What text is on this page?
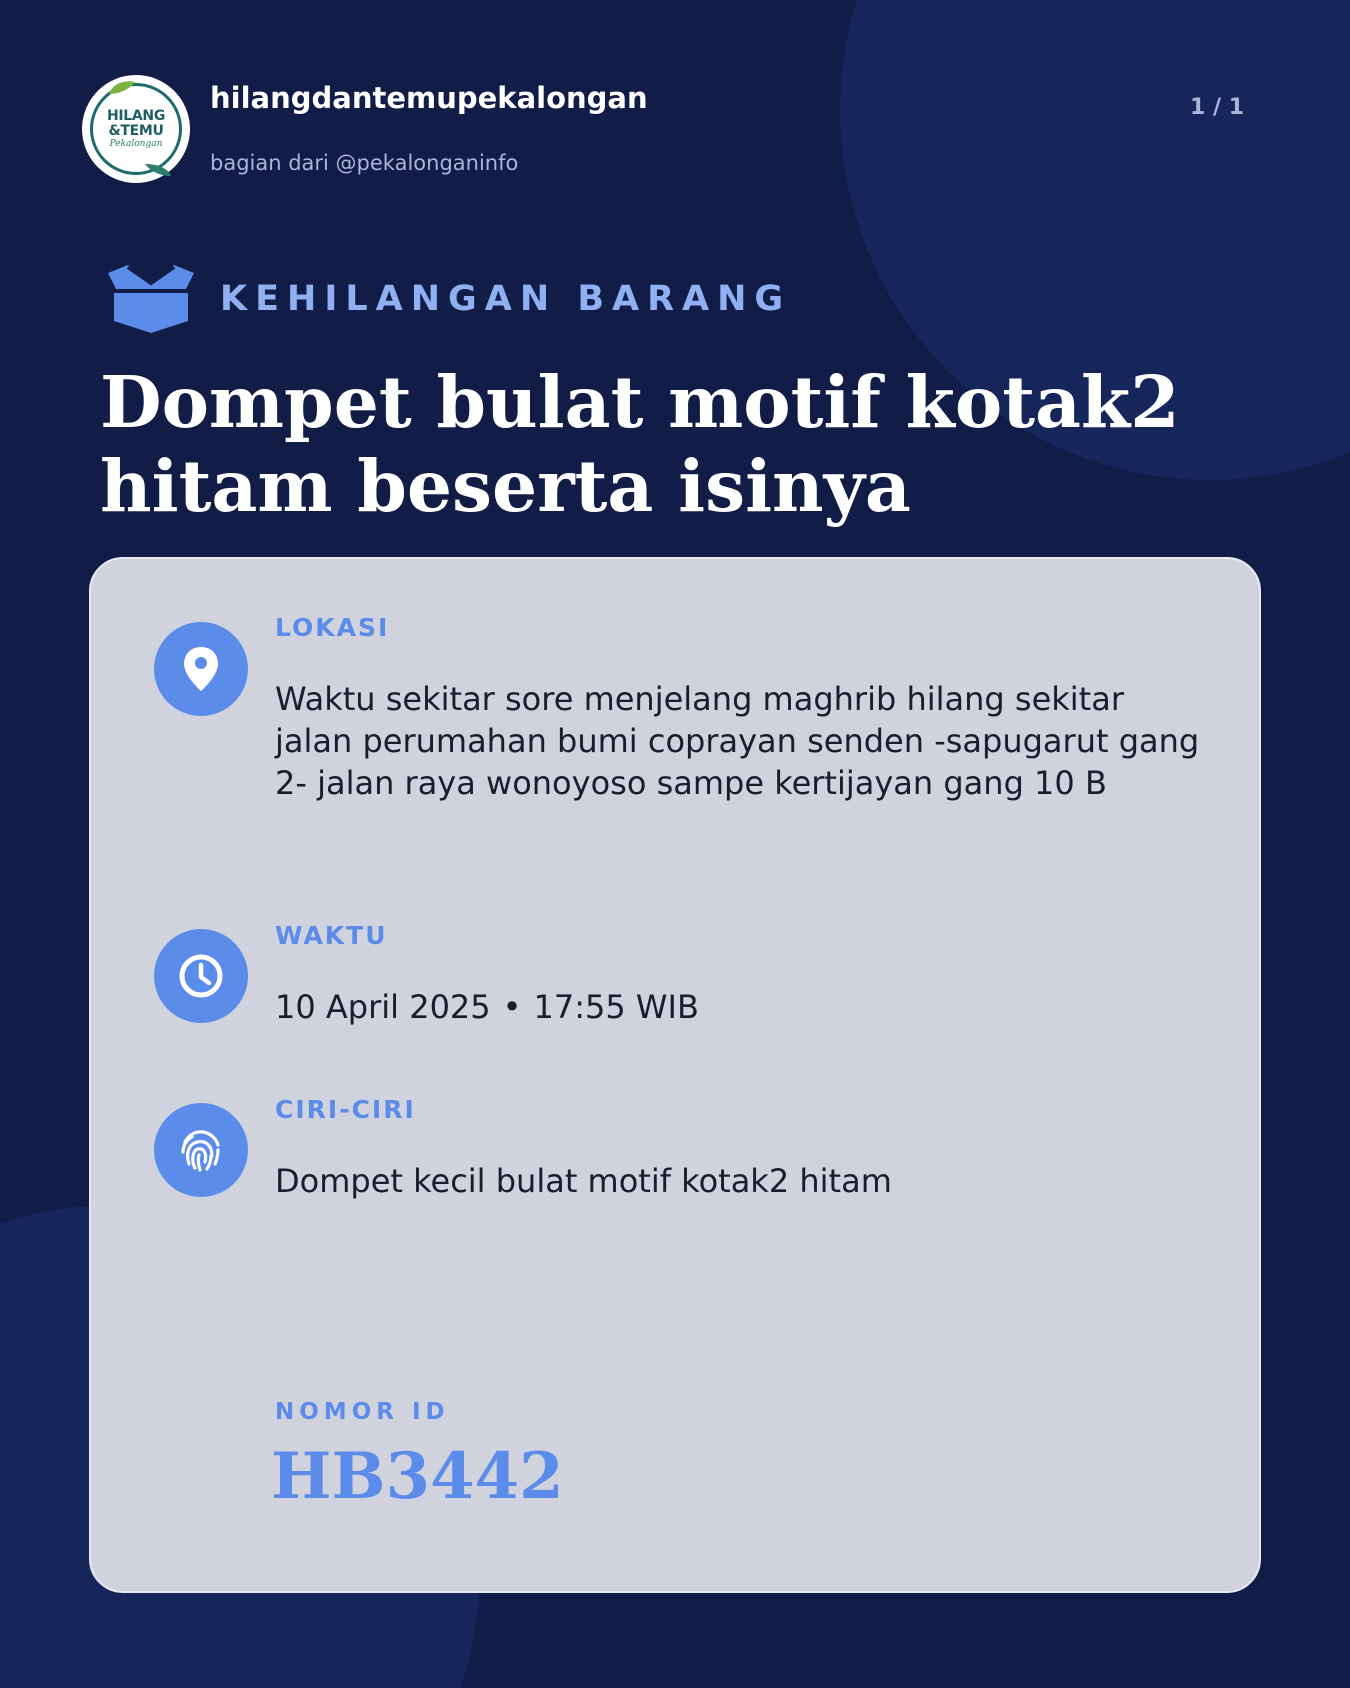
HILANG
&TEMU
Pekalongan
hilangdantemupekalongan
bagian dari @pekalonganinfo
1 / 1
KEHILANGAN BARANG
Dompet bulat motif kotak2 hitam beserta isinya
LOKASI
Waktu sekitar sore menjelang maghrib hilang sekitar jalan perumahan bumi coprayan senden -sapugarut gang 2- jalan raya wonoyoso sampe kertijayan gang 10 B
WAKTU
10 April 2025 • 17:55 WIB
CIRI-CIRI
Dompet kecil bulat motif kotak2 hitam
NOMOR ID
HB3442
